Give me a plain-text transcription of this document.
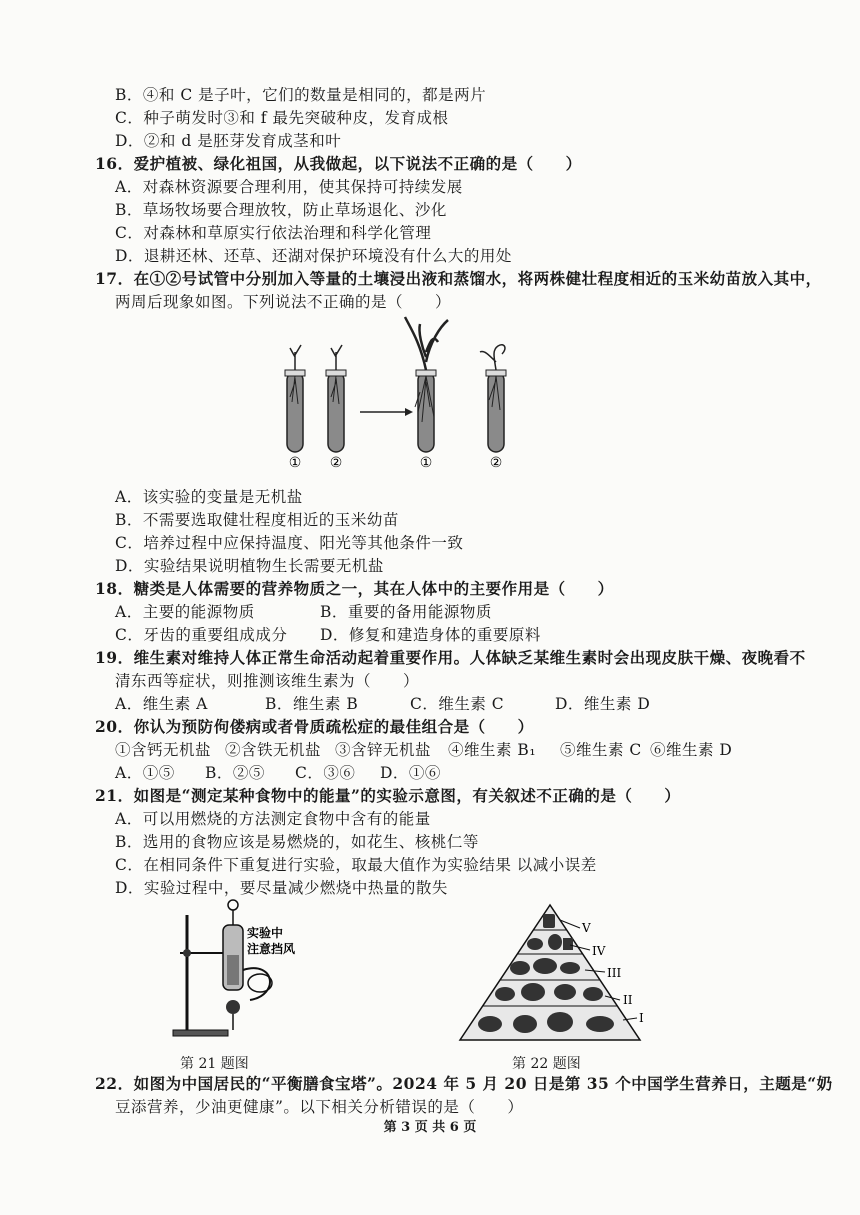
B．④和 C 是子叶，它们的数量是相同的，都是两片
C．种子萌发时③和 f 最先突破种皮，发育成根
D．②和 d 是胚芽发育成茎和叶
16．爱护植被、绿化祖国，从我做起，以下说法不正确的是（　　）
A．对森林资源要合理利用，使其保持可持续发展
B．草场牧场要合理放牧，防止草场退化、沙化
C．对森林和草原实行依法治理和科学化管理
D．退耕还林、还草、还湖对保护环境没有什么大的用处
17．在①②号试管中分别加入等量的土壤浸出液和蒸馏水，将两株健壮程度相近的玉米幼苗放入其中，
两周后现象如图。下列说法不正确的是（　　）
① ②	①	②
A．该实验的变量是无机盐
B．不需要选取健壮程度相近的玉米幼苗
C．培养过程中应保持温度、阳光等其他条件一致
D．实验结果说明植物生长需要无机盐
18．糖类是人体需要的营养物质之一，其在人体中的主要作用是（　　）
A．主要的能源物质	B．重要的备用能源物质
C．牙齿的重要组成成分 D．修复和建造身体的重要原料
19．维生素对维持人体正常生命活动起着重要作用。人体缺乏某维生素时会出现皮肤干燥、夜晚看不
清东西等症状，则推测该维生素为（　　）
A．维生素 A	B．维生素 B	C．维生素 C	D．维生素 D
20．你认为预防佝偻病或者骨质疏松症的最佳组合是（　　）
①含钙无机盐 ②含铁无机盐 ③含锌无机盐 ④维生素 B₁ ⑤维生素 C ⑥维生素 D
A．①⑤ B．②⑤ C．③⑥ D．①⑥
21．如图是“测定某种食物中的能量”的实验示意图，有关叙述不正确的是（　　）
A．可以用燃烧的方法测定食物中含有的能量
B．选用的食物应该是易燃烧的，如花生、核桃仁等
C．在相同条件下重复进行实验，取最大值作为实验结果 以减小误差
D．实验过程中，要尽量减少燃烧中热量的散失
实验中
注意挡风
第 21 题图
V
IV
III
II
I
第 22 题图
22．如图为中国居民的“平衡膳食宝塔”。2024 年 5 月 20 日是第 35 个中国学生营养日，主题是“奶
豆添营养，少油更健康”。以下相关分析错误的是（　　）
第 3 页 共 6 页
